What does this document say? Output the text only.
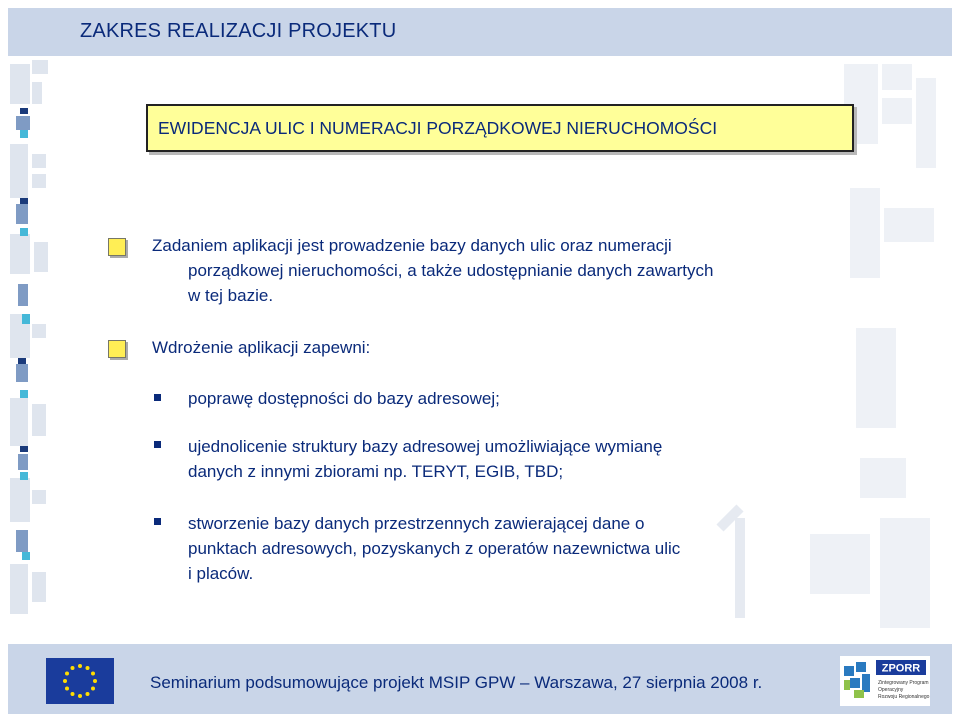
ZAKRES REALIZACJI PROJEKTU
EWIDENCJA ULIC I NUMERACJI PORZĄDKOWEJ NIERUCHOMOŚCI
Zadaniem aplikacji jest prowadzenie bazy danych ulic oraz numeracji
porządkowej nieruchomości, a także udostępnianie danych zawartych
w tej bazie.
Wdrożenie aplikacji zapewni:
poprawę dostępności do bazy adresowej;
ujednolicenie struktury bazy adresowej umożliwiające wymianę
danych z innymi zbiorami np. TERYT, EGIB, TBD;
stworzenie bazy danych przestrzennych zawierającej dane o
punktach adresowych, pozyskanych z operatów nazewnictwa ulic
i placów.
Seminarium podsumowujące projekt MSIP GPW – Warszawa, 27 sierpnia 2008 r.
ZPORR
Zintegrowany Program
Operacyjny
Rozwoju Regionalnego
